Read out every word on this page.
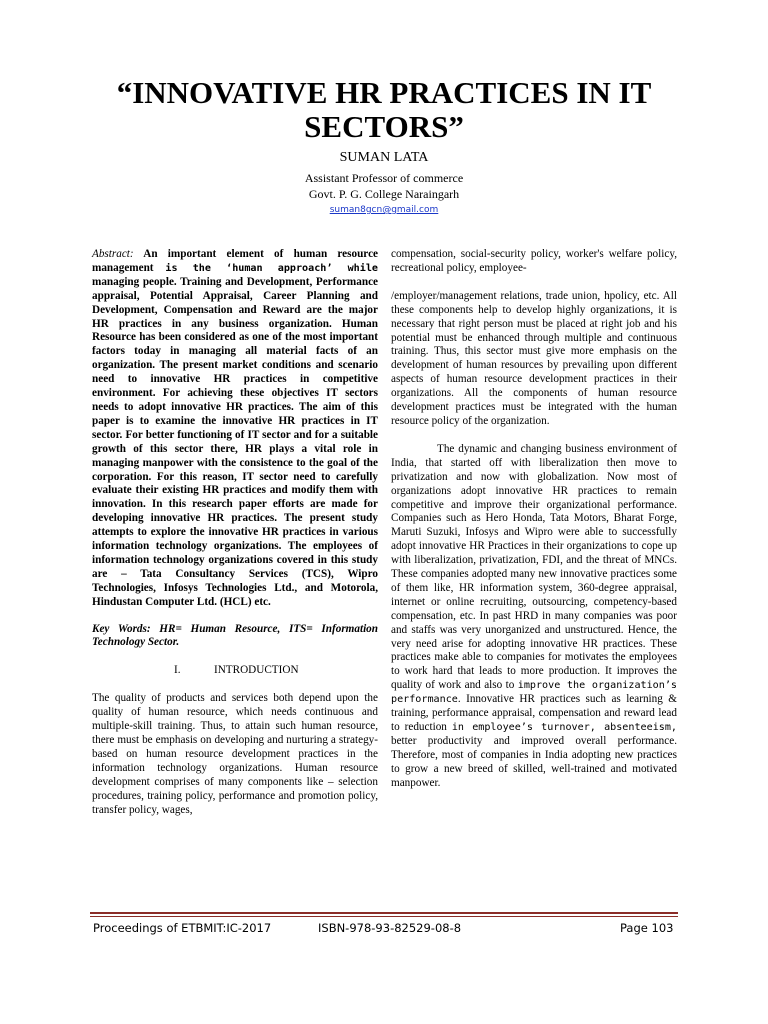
“INNOVATIVE HR PRACTICES IN IT SECTORS”
SUMAN LATA
Assistant Professor of commerce
Govt. P. G. College Naraingarh
suman8gcn@gmail.com

Abstract: An important element of human resource management is the ‘human approach’ while managing people. Training and Development, Performance appraisal, Potential Appraisal, Career Planning and Development, Compensation and Reward are the major HR practices in any business organization. Human Resource has been considered as one of the most important factors today in managing all material facts of an organization. The present market conditions and scenario need to innovative HR practices in competitive environment. For achieving these objectives IT sectors needs to adopt innovative HR practices. The aim of this paper is to examine the innovative HR practices in IT sector. For better functioning of IT sector and for a suitable growth of this sector there, HR plays a vital role in managing manpower with the consistence to the goal of the corporation. For this reason, IT sector need to carefully evaluate their existing HR practices and modify them with innovation. In this research paper efforts are made for developing innovative HR practices. The present study attempts to explore the innovative HR practices in various information technology organizations. The employees of information technology organizations covered in this study are – Tata Consultancy Services (TCS), Wipro Technologies, Infosys Technologies Ltd., and Motorola, Hindustan Computer Ltd. (HCL) etc.

Key Words: HR= Human Resource, ITS= Information Technology Sector.

I.	INTRODUCTION

The quality of products and services both depend upon the quality of human resource, which needs continuous and multiple-skill training. Thus, to attain such human resource, there must be emphasis on developing and nurturing a strategy-based on human resource development practices in the information technology organizations. Human resource development comprises of many components like – selection procedures, training policy, performance and promotion policy, transfer policy, wages,

compensation, social-security policy, worker's welfare policy, recreational policy, employee-

/employer/management relations, trade union, hpolicy, etc. All these components help to develop highly organizations, it is necessary that right person must be placed at right job and his potential must be enhanced through multiple and continuous training. Thus, this sector must give more emphasis on the development of human resources by prevailing upon different aspects of human resource development practices in their organizations. All the components of human resource development practices must be integrated with the human resource policy of the organization.

The dynamic and changing business environment of India, that started off with liberalization then move to privatization and now with globalization. Now most of organizations adopt innovative HR practices to remain competitive and improve their organizational performance. Companies such as Hero Honda, Tata Motors, Bharat Forge, Maruti Suzuki, Infosys and Wipro were able to successfully adopt innovative HR Practices in their organizations to cope up with liberalization, privatization, FDI, and the threat of MNCs. These companies adopted many new innovative practices some of them like, HR information system, 360-degree appraisal, internet or online recruiting, outsourcing, competency-based compensation, etc. In past HRD in many companies was poor and staffs was very unorganized and unstructured. Hence, the very need arise for adopting innovative HR practices. These practices make able to companies for motivates the employees to work hard that leads to more production. It improves the quality of work and also to improve the organization’s performance. Innovative HR practices such as learning & training, performance appraisal, compensation and reward lead to reduction in employee’s turnover, absenteeism, better productivity and improved overall performance. Therefore, most of companies in India adopting new practices to grow a new breed of skilled, well-trained and motivated manpower.

Proceedings of ETBMIT:IC-2017	ISBN-978-93-82529-08-8	Page 103
